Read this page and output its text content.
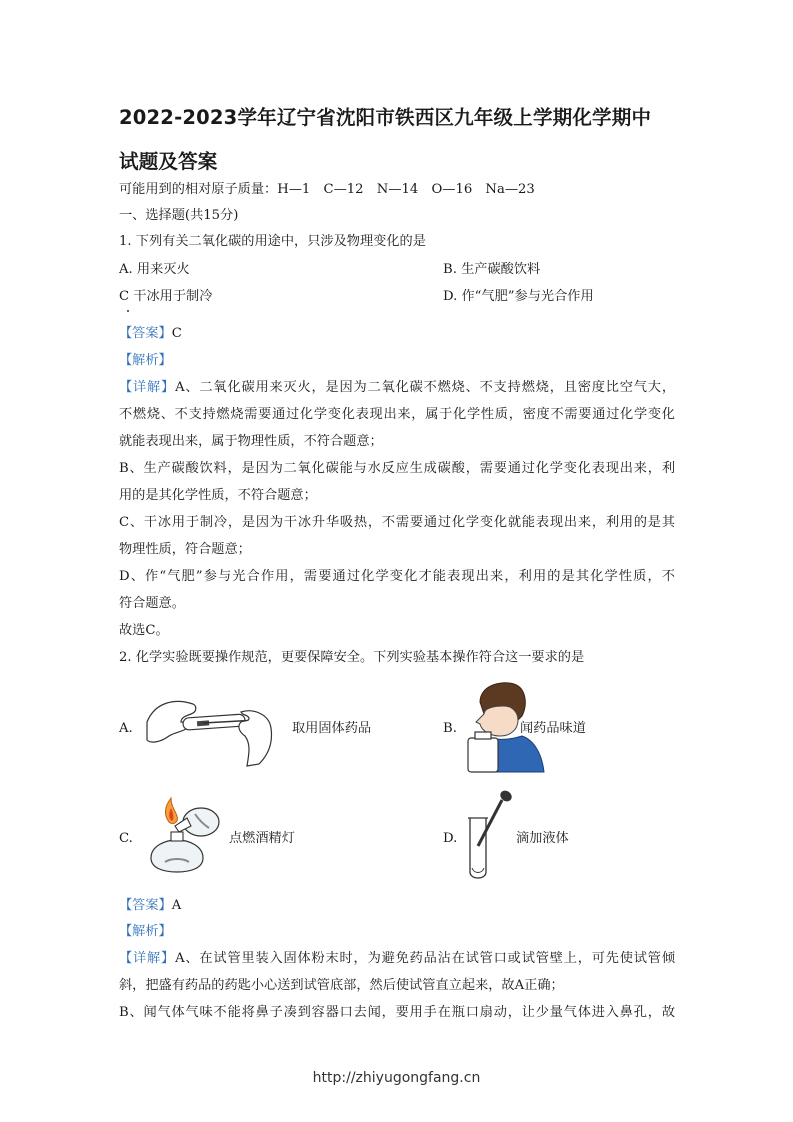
2022-2023学年辽宁省沈阳市铁西区九年级上学期化学期中
试题及答案
可能用到的相对原子质量：H—1　C—12　N—14　O—16　Na—23
一、选择题(共15分)
1. 下列有关二氧化碳的用途中，只涉及物理变化的是
A. 用来灭火	B. 生产碳酸饮料
C 干冰用于制冷	D. 作“气肥”参与光合作用
【答案】C
【解析】
【详解】A、二氧化碳用来灭火，是因为二氧化碳不燃烧、不支持燃烧，且密度比空气大，
不燃烧、不支持燃烧需要通过化学变化表现出来，属于化学性质，密度不需要通过化学变化
就能表现出来，属于物理性质，不符合题意；
B、生产碳酸饮料，是因为二氧化碳能与水反应生成碳酸，需要通过化学变化表现出来，利
用的是其化学性质，不符合题意；
C、干冰用于制冷，是因为干冰升华吸热，不需要通过化学变化就能表现出来，利用的是其
物理性质，符合题意；
D、作“气肥”参与光合作用，需要通过化学变化才能表现出来，利用的是其化学性质，不
符合题意。
故选C。
2. 化学实验既要操作规范，更要保障安全。下列实验基本操作符合这一要求的是
A.	取用固体药品	B.	闻药品味道
C.	点燃酒精灯	D.	滴加液体
【答案】A
【解析】
【详解】A、在试管里装入固体粉末时，为避免药品沾在试管口或试管壁上，可先使试管倾
斜，把盛有药品的药匙小心送到试管底部，然后使试管直立起来，故A正确；
B、闻气体气味不能将鼻子凑到容器口去闻，要用手在瓶口扇动，让少量气体进入鼻孔，故
http://zhiyugongfang.cn
